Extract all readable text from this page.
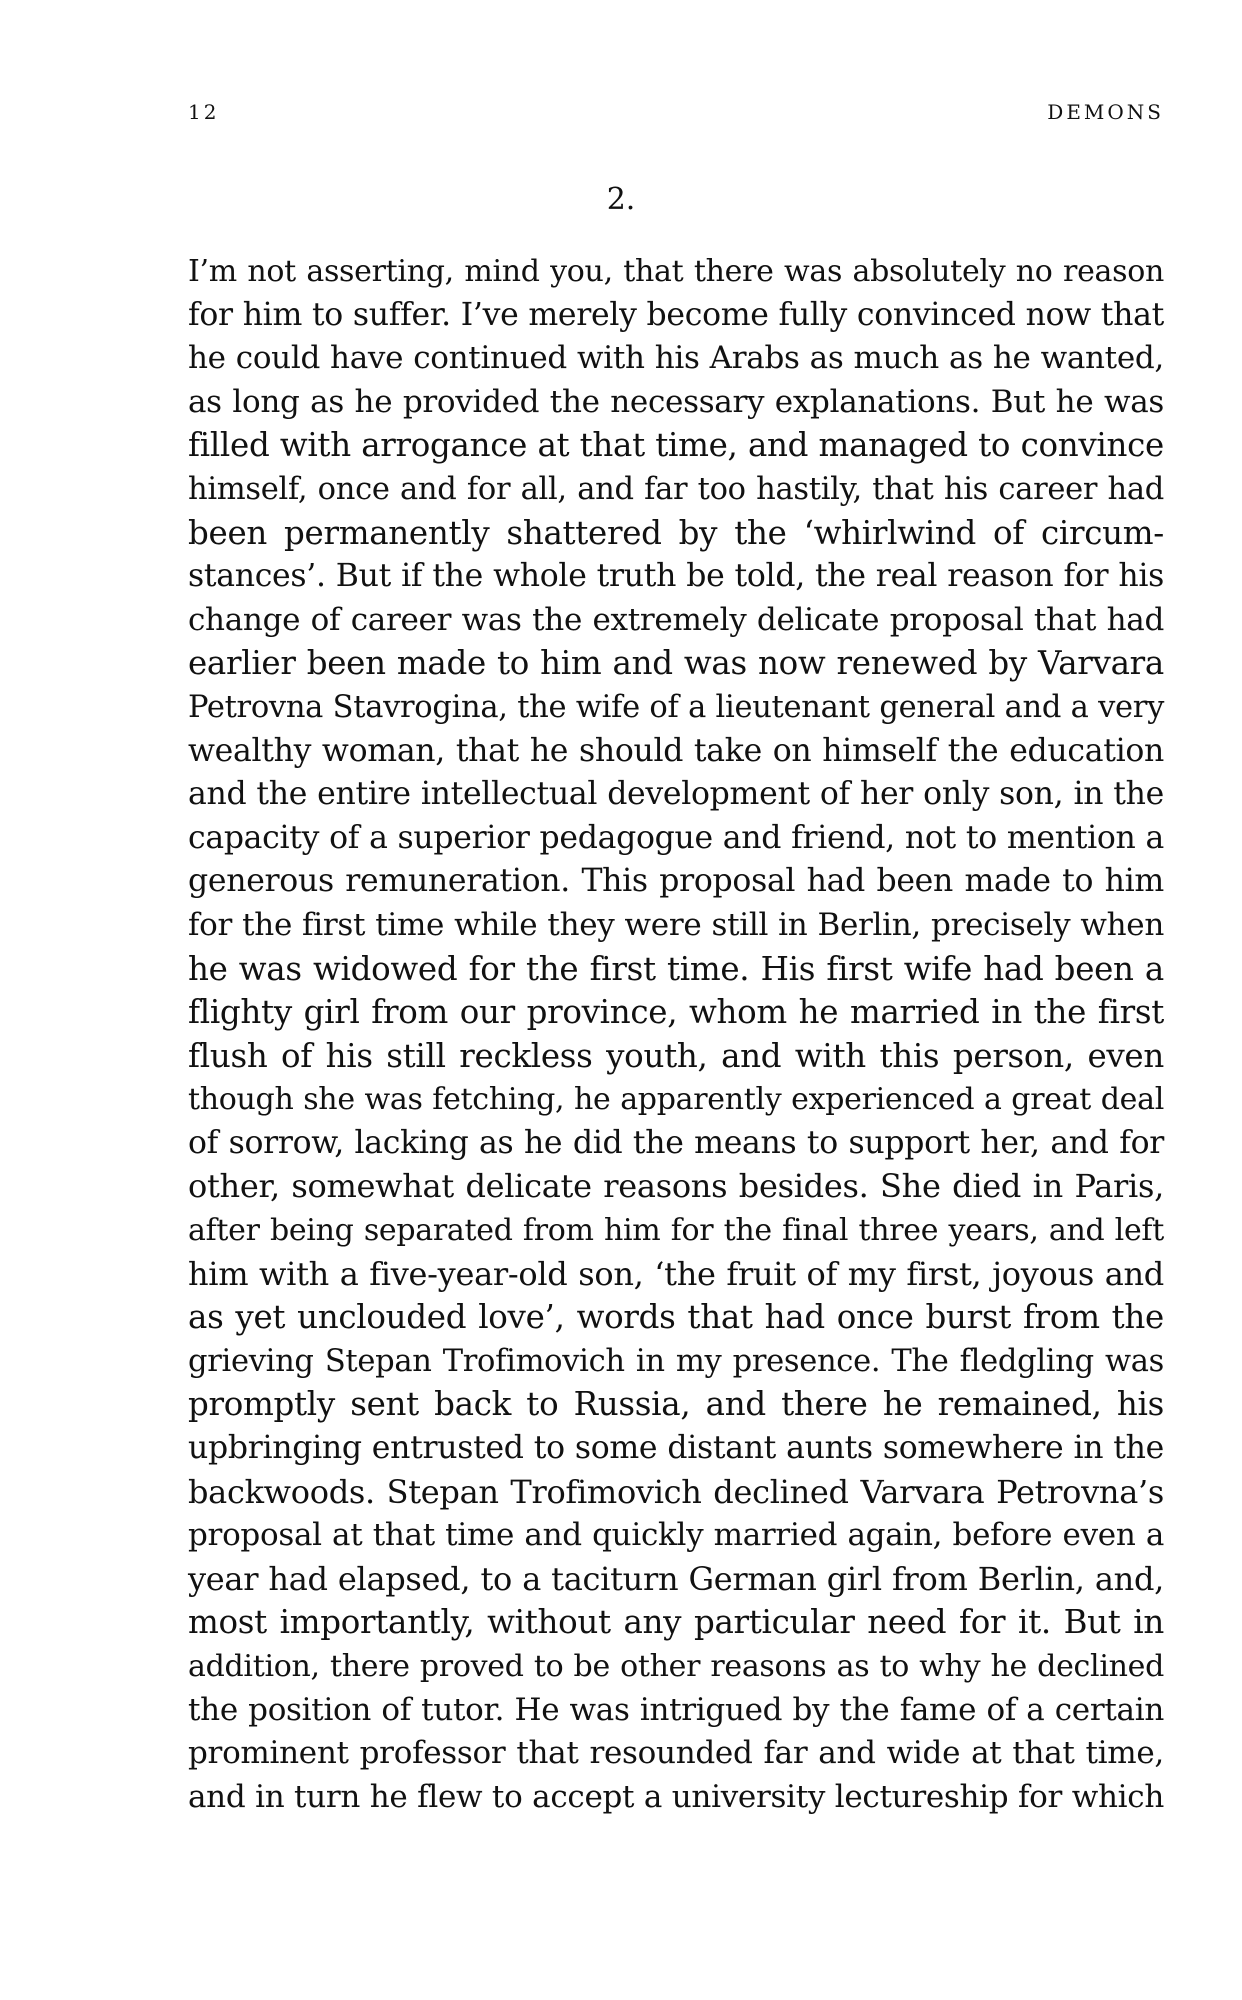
12	DEMONS
2.
I’m not asserting, mind you, that there was absolutely no reason
for him to suffer. I’ve merely become fully convinced now that
he could have continued with his Arabs as much as he wanted,
as long as he provided the necessary explanations. But he was
filled with arrogance at that time, and managed to convince
himself, once and for all, and far too hastily, that his career had
been permanently shattered by the ‘whirlwind of circum-
stances’. But if the whole truth be told, the real reason for his
change of career was the extremely delicate proposal that had
earlier been made to him and was now renewed by Varvara
Petrovna Stavrogina, the wife of a lieutenant general and a very
wealthy woman, that he should take on himself the education
and the entire intellectual development of her only son, in the
capacity of a superior pedagogue and friend, not to mention a
generous remuneration. This proposal had been made to him
for the first time while they were still in Berlin, precisely when
he was widowed for the first time. His first wife had been a
flighty girl from our province, whom he married in the first
flush of his still reckless youth, and with this person, even
though she was fetching, he apparently experienced a great deal
of sorrow, lacking as he did the means to support her, and for
other, somewhat delicate reasons besides. She died in Paris,
after being separated from him for the final three years, and left
him with a five-year-old son, ‘the fruit of my first, joyous and
as yet unclouded love’, words that had once burst from the
grieving Stepan Trofimovich in my presence. The fledgling was
promptly sent back to Russia, and there he remained, his
upbringing entrusted to some distant aunts somewhere in the
backwoods. Stepan Trofimovich declined Varvara Petrovna’s
proposal at that time and quickly married again, before even a
year had elapsed, to a taciturn German girl from Berlin, and,
most importantly, without any particular need for it. But in
addition, there proved to be other reasons as to why he declined
the position of tutor. He was intrigued by the fame of a certain
prominent professor that resounded far and wide at that time,
and in turn he flew to accept a university lectureship for which
